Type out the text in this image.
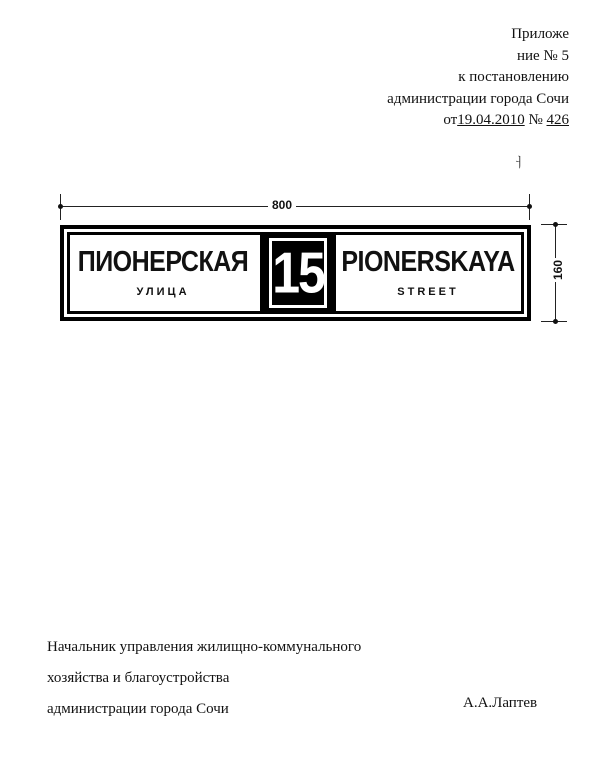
Приложе
ние № 5
к постановлению
администрации города Сочи
от19.04.2010 № 426
ㅓ
800
160
ПИОНЕРСКАЯ
УЛИЦА 15 PIONERSKAYA
STREET
Начальник управления жилищно-коммунального
хозяйства и благоустройства
администрации города Сочи	А.А.Лаптев
